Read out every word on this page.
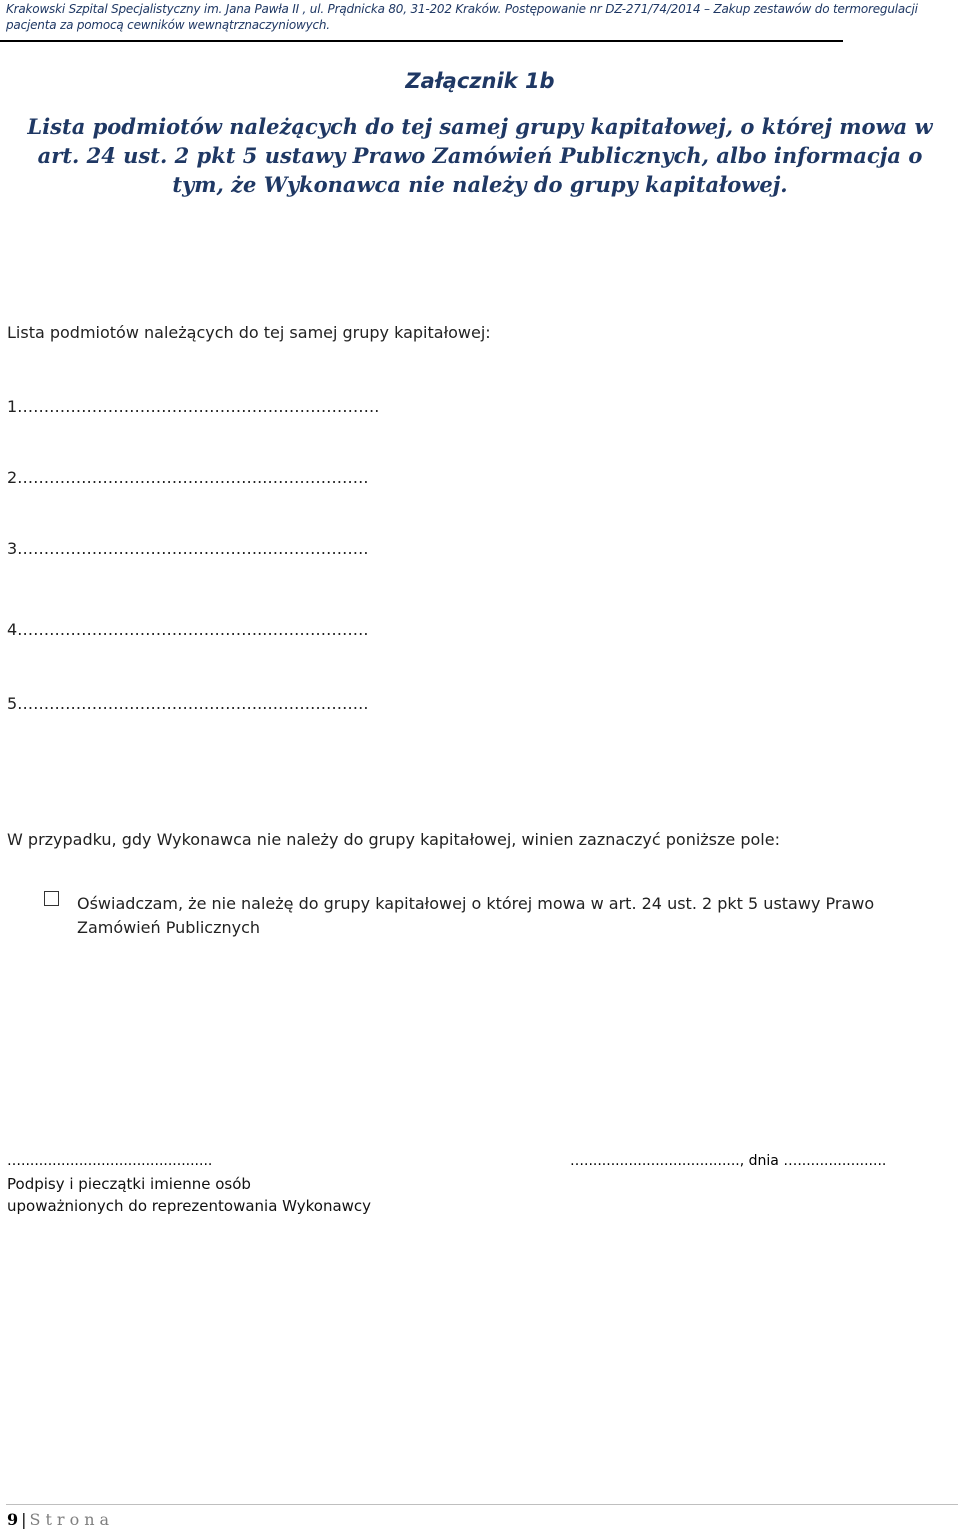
Krakowski Szpital Specjalistyczny im. Jana Pawła II , ul. Prądnicka 80, 31-202 Kraków. Postępowanie nr DZ-271/74/2014 – Zakup zestawów do termoregulacji pacjenta za pomocą cewników wewnątrznaczyniowych.
Załącznik 1b
Lista podmiotów należących do tej samej grupy kapitałowej, o której mowa w art. 24 ust. 2 pkt 5 ustawy Prawo Zamówień Publicznych, albo informacja o tym, że Wykonawca nie należy do grupy kapitałowej.
Lista podmiotów należących do tej samej grupy kapitałowej:
1………………………………………….……………….
2………………………………………..……………….
3………………………………………..……………….
4………………………………………..……………….
5………………………………………..……………….
W przypadku, gdy Wykonawca nie należy do grupy kapitałowej, winien zaznaczyć poniższe pole:
Oświadczam, że nie należę do grupy kapitałowej o której mowa w art. 24 ust. 2 pkt 5 ustawy Prawo Zamówień Publicznych
…...........................................	…..................................., dnia …....................
Podpisy i pieczątki imienne osób
upoważnionych do reprezentowania Wykonawcy
9 | Strona
